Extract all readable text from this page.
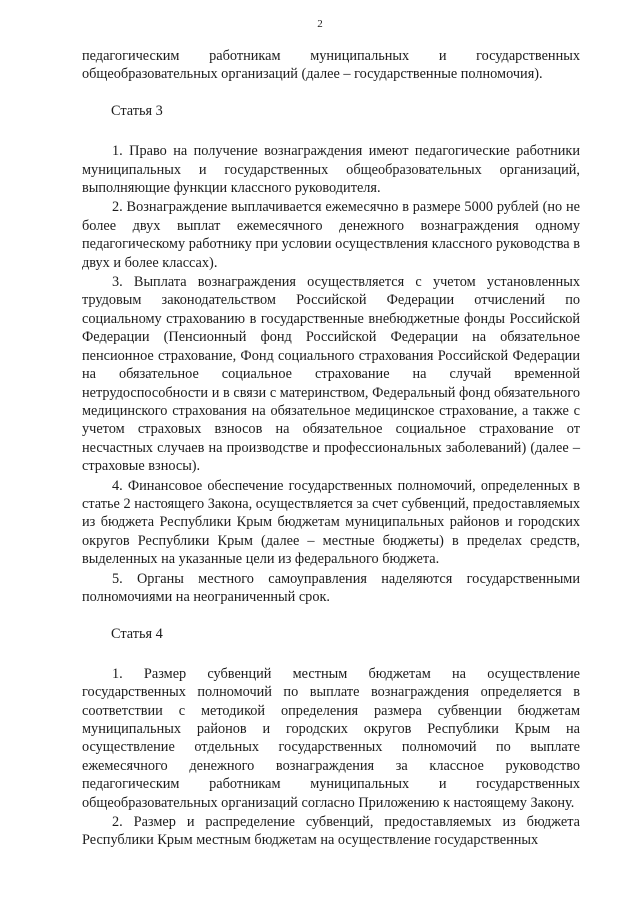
2

педагогическим работникам муниципальных и государственных общеобразовательных организаций (далее – государственные полномочия).

Статья 3

1. Право на получение вознаграждения имеют педагогические работники муниципальных и государственных общеобразовательных организаций, выполняющие функции классного руководителя.

2. Вознаграждение выплачивается ежемесячно в размере 5000 рублей (но не более двух выплат ежемесячного денежного вознаграждения одному педагогическому работнику при условии осуществления классного руководства в двух и более классах).

3. Выплата вознаграждения осуществляется с учетом установленных трудовым законодательством Российской Федерации отчислений по социальному страхованию в государственные внебюджетные фонды Российской Федерации (Пенсионный фонд Российской Федерации на обязательное пенсионное страхование, Фонд социального страхования Российской Федерации на обязательное социальное страхование на случай временной нетрудоспособности и в связи с материнством, Федеральный фонд обязательного медицинского страхования на обязательное медицинское страхование, а также с учетом страховых взносов на обязательное социальное страхование от несчастных случаев на производстве и профессиональных заболеваний) (далее – страховые взносы).

4. Финансовое обеспечение государственных полномочий, определенных в статье 2 настоящего Закона, осуществляется за счет субвенций, предоставляемых из бюджета Республики Крым бюджетам муниципальных районов и городских округов Республики Крым (далее – местные бюджеты) в пределах средств, выделенных на указанные цели из федерального бюджета.

5. Органы местного самоуправления наделяются государственными полномочиями на неограниченный срок.

Статья 4

1. Размер субвенций местным бюджетам на осуществление государственных полномочий по выплате вознаграждения определяется в соответствии с методикой определения размера субвенции бюджетам муниципальных районов и городских округов Республики Крым на осуществление отдельных государственных полномочий по выплате ежемесячного денежного вознаграждения за классное руководство педагогическим работникам муниципальных и государственных общеобразовательных организаций согласно Приложению к настоящему Закону.

2. Размер и распределение субвенций, предоставляемых из бюджета Республики Крым местным бюджетам на осуществление государственных
